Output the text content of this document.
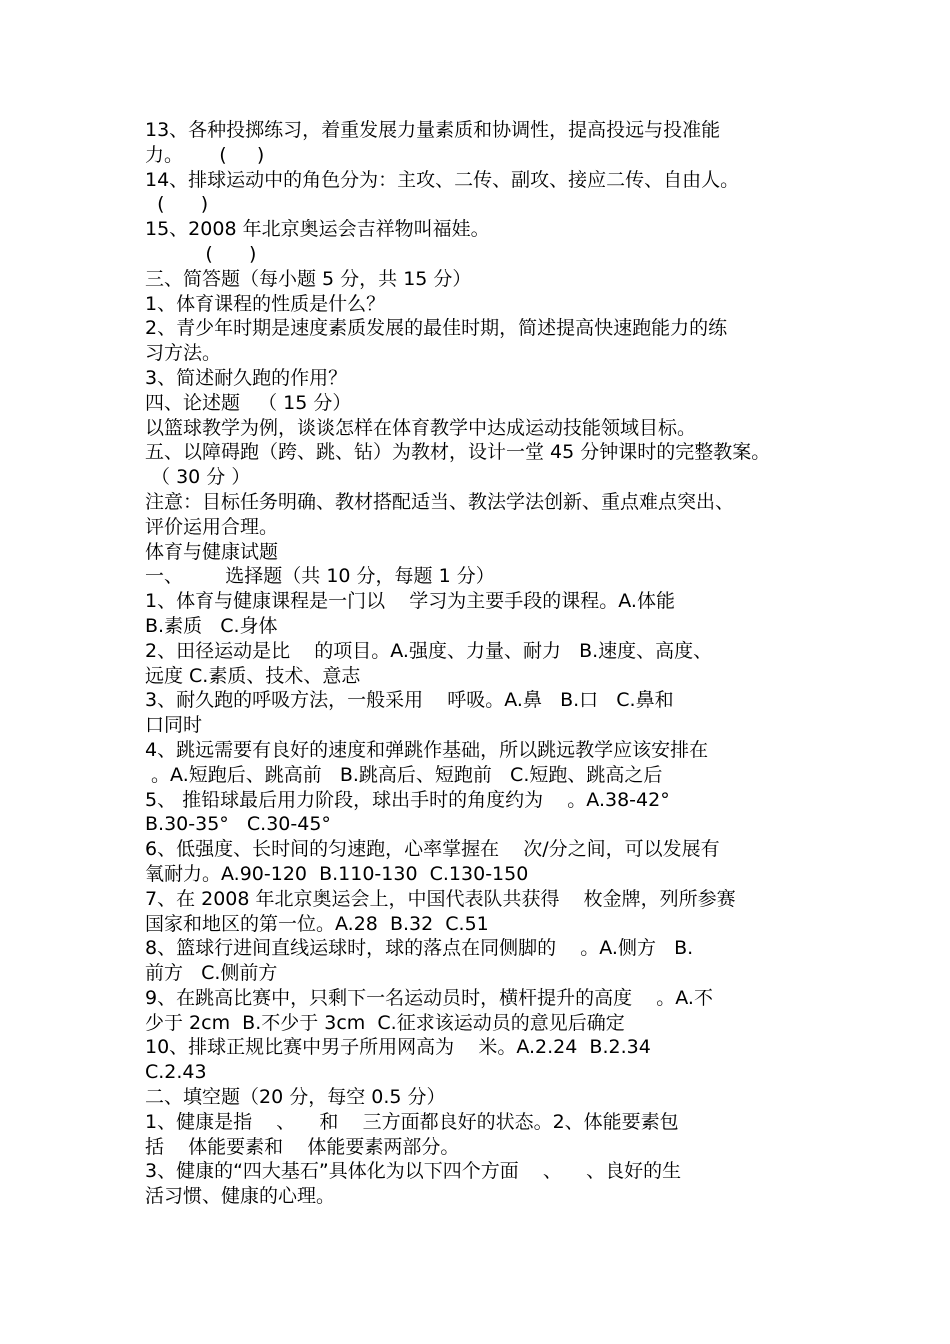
13、各种投掷练习，着重发展力量素质和协调性，提高投远与投准能
力。      (     )
14、排球运动中的角色分为：主攻、二传、副攻、接应二传、自由人。
(      )
15、2008 年北京奥运会吉祥物叫福娃。
(      )
三、简答题（每小题 5 分，共 15 分）
1、体育课程的性质是什么？
2、青少年时期是速度素质发展的最佳时期，简述提高快速跑能力的练
习方法。
3、简述耐久跑的作用？
四、论述题   （ 15 分）
以篮球教学为例，谈谈怎样在体育教学中达成运动技能领域目标。
五、以障碍跑（跨、跳、钻）为教材，设计一堂 45 分钟课时的完整教案。
（ 30 分 ）
注意：目标任务明确、教材搭配适当、教法学法创新、重点难点突出、
评价运用合理。
体育与健康试题
一、       选择题（共 10 分，每题 1 分）
1、体育与健康课程是一门以    学习为主要手段的课程。A.体能
B.素质   C.身体
2、田径运动是比    的项目。A.强度、力量、耐力   B.速度、高度、
远度 C.素质、技术、意志
3、耐久跑的呼吸方法，一般采用    呼吸。A.鼻   B.口   C.鼻和
口同时
4、跳远需要有良好的速度和弹跳作基础，所以跳远教学应该安排在
。A.短跑后、跳高前   B.跳高后、短跑前   C.短跑、跳高之后
5、 推铅球最后用力阶段，球出手时的角度约为    。A.38-42°
B.30-35°   C.30-45°
6、低强度、长时间的匀速跑，心率掌握在    次/分之间，可以发展有
氧耐力。A.90-120  B.110-130  C.130-150
7、在 2008 年北京奥运会上，中国代表队共获得    枚金牌，列所参赛
国家和地区的第一位。A.28  B.32  C.51
8、篮球行进间直线运球时，球的落点在同侧脚的    。A.侧方   B.
前方   C.侧前方
9、在跳高比赛中，只剩下一名运动员时，横杆提升的高度    。A.不
少于 2cm  B.不少于 3cm  C.征求该运动员的意见后确定
10、排球正规比赛中男子所用网高为    米。A.2.24  B.2.34
C.2.43
二、填空题（20 分，每空 0.5 分）
1、健康是指    、    和    三方面都良好的状态。2、体能要素包
括    体能要素和    体能要素两部分。
3、健康的“四大基石”具体化为以下四个方面    、    、良好的生
活习惯、健康的心理。
